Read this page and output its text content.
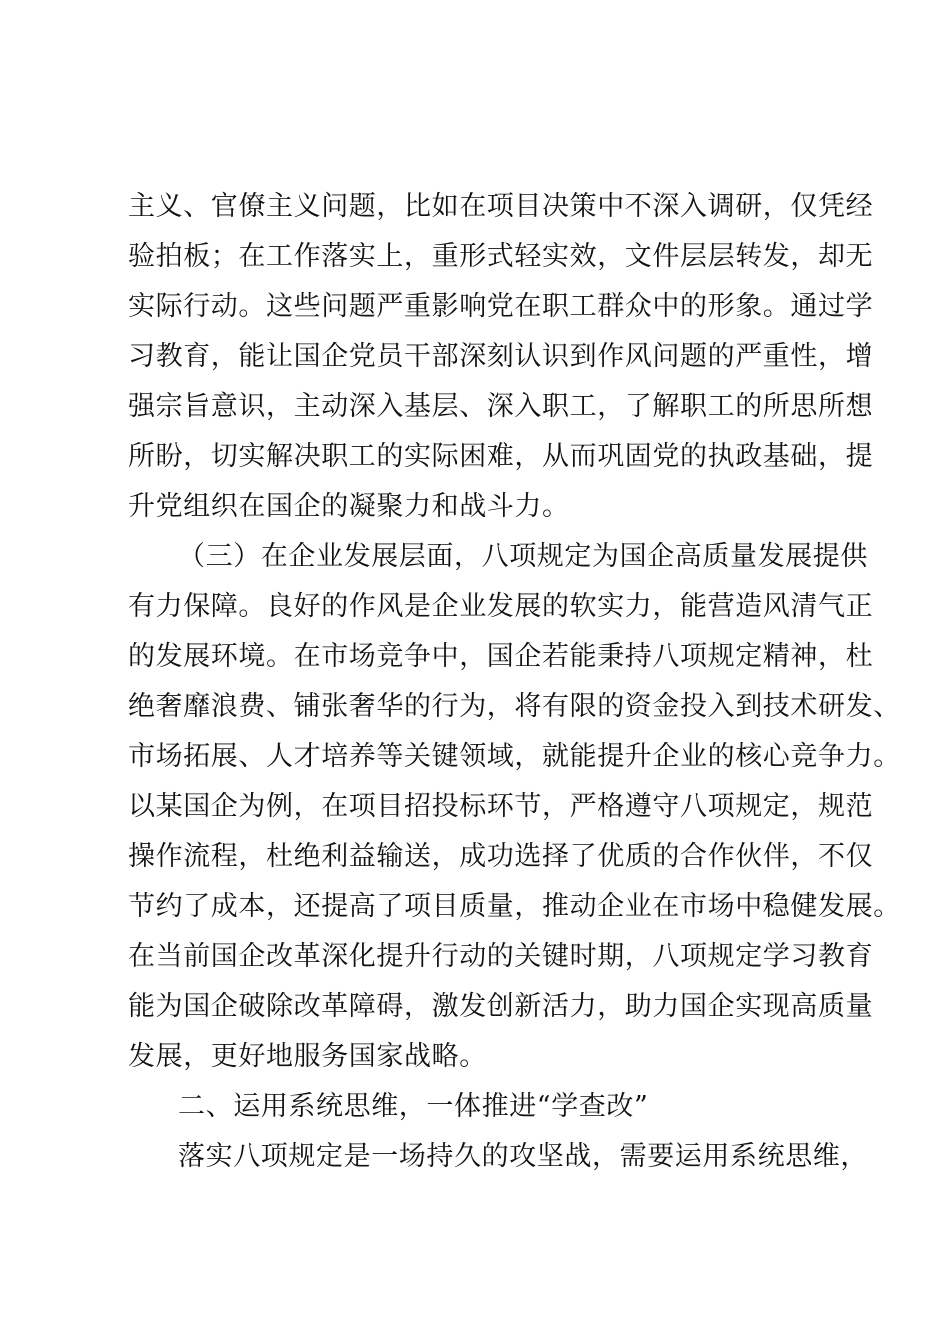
主义、官僚主义问题，比如在项目决策中不深入调研，仅凭经
验拍板；在工作落实上，重形式轻实效，文件层层转发，却无
实际行动。这些问题严重影响党在职工群众中的形象。通过学
习教育，能让国企党员干部深刻认识到作风问题的严重性，增
强宗旨意识，主动深入基层、深入职工，了解职工的所思所想
所盼，切实解决职工的实际困难，从而巩固党的执政基础，提
升党组织在国企的凝聚力和战斗力。
（三）在企业发展层面，八项规定为国企高质量发展提供
有力保障。良好的作风是企业发展的软实力，能营造风清气正
的发展环境。在市场竞争中，国企若能秉持八项规定精神，杜
绝奢靡浪费、铺张奢华的行为，将有限的资金投入到技术研发、
市场拓展、人才培养等关键领域，就能提升企业的核心竞争力。
以某国企为例，在项目招投标环节，严格遵守八项规定，规范
操作流程，杜绝利益输送，成功选择了优质的合作伙伴，不仅
节约了成本，还提高了项目质量，推动企业在市场中稳健发展。
在当前国企改革深化提升行动的关键时期，八项规定学习教育
能为国企破除改革障碍，激发创新活力，助力国企实现高质量
发展，更好地服务国家战略。
二、运用系统思维，一体推进“学查改”
落实八项规定是一场持久的攻坚战，需要运用系统思维，
